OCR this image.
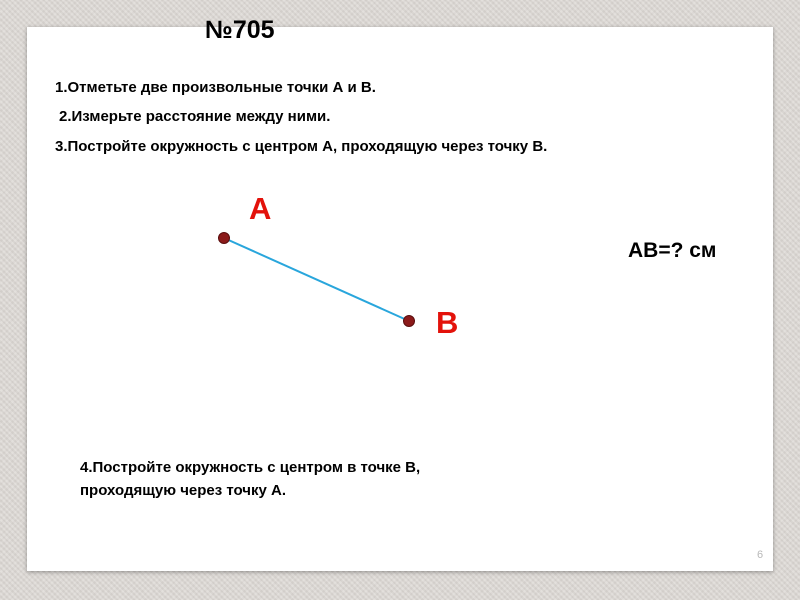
№705
1.Отметьте две произвольные точки А и В.
2.Измерьте расстояние между ними.
3.Постройте окружность с центром А, проходящую через точку В.
А
В
АВ=? см
4.Постройте окружность с центром в точке В,
проходящую через точку А.
6
